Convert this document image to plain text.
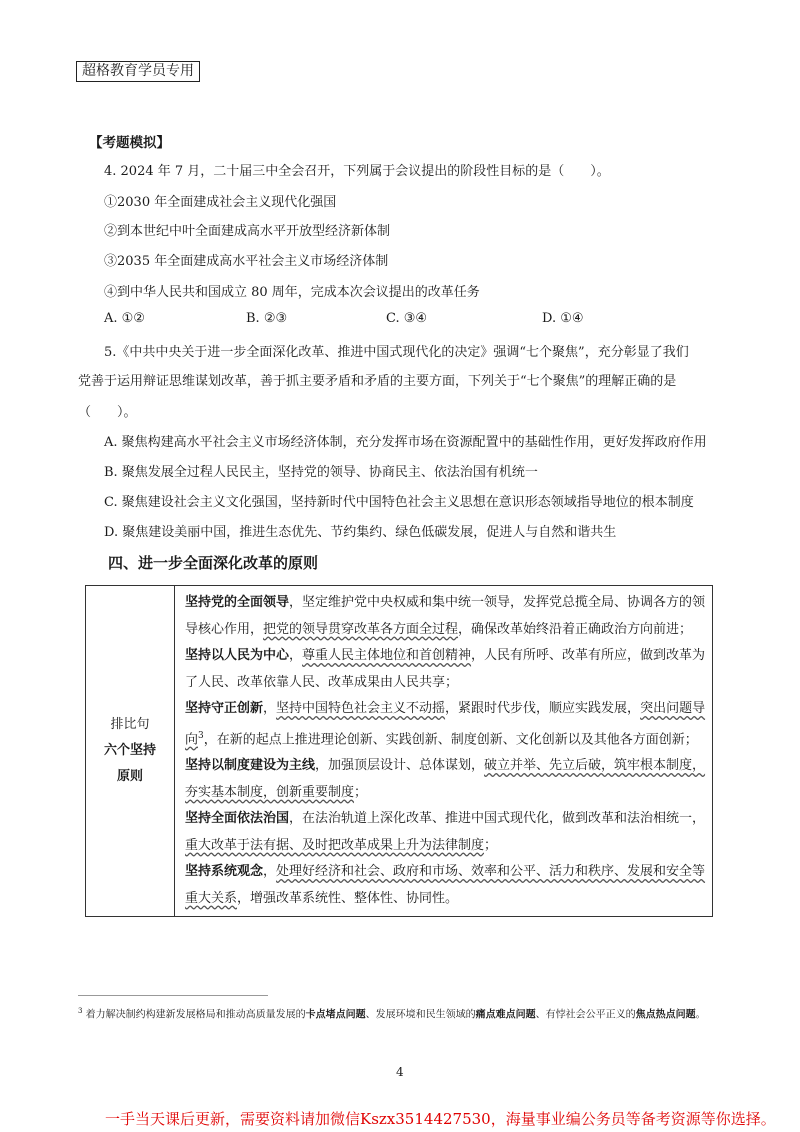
超格教育学员专用
【考题模拟】
4. 2024 年 7 月，二十届三中全会召开，下列属于会议提出的阶段性目标的是（　　）。
①2030 年全面建成社会主义现代化强国
②到本世纪中叶全面建成高水平开放型经济新体制
③2035 年全面建成高水平社会主义市场经济体制
④到中华人民共和国成立 80 周年，完成本次会议提出的改革任务
A. ①②	B. ②③	C. ③④	D. ①④
5.《中共中央关于进一步全面深化改革、推进中国式现代化的决定》强调“七个聚焦”，充分彰显了我们
党善于运用辩证思维谋划改革，善于抓主要矛盾和矛盾的主要方面，下列关于“七个聚焦”的理解正确的是
（　　）。
A. 聚焦构建高水平社会主义市场经济体制，充分发挥市场在资源配置中的基础性作用，更好发挥政府作用
B. 聚焦发展全过程人民民主，坚持党的领导、协商民主、依法治国有机统一
C. 聚焦建设社会主义文化强国，坚持新时代中国特色社会主义思想在意识形态领域指导地位的根本制度
D. 聚焦建设美丽中国，推进生态优先、节约集约、绿色低碳发展，促进人与自然和谐共生
四、进一步全面深化改革的原则
排比句
六个坚持
原则

坚持党的全面领导，坚定维护党中央权威和集中统一领导，发挥党总揽全局、协调各方的领导核心作用，把党的领导贯穿改革各方面全过程，确保改革始终沿着正确政治方向前进；
坚持以人民为中心，尊重人民主体地位和首创精神，人民有所呼、改革有所应，做到改革为了人民、改革依靠人民、改革成果由人民共享；
坚持守正创新，坚持中国特色社会主义不动摇，紧跟时代步伐，顺应实践发展，突出问题导向$^3$，在新的起点上推进理论创新、实践创新、制度创新、文化创新以及其他各方面创新；
坚持以制度建设为主线，加强顶层设计、总体谋划，破立并举、先立后破，筑牢根本制度，夯实基本制度，创新重要制度；
坚持全面依法治国，在法治轨道上深化改革、推进中国式现代化，做到改革和法治相统一，重大改革于法有据、及时把改革成果上升为法律制度；
坚持系统观念，处理好经济和社会、政府和市场、效率和公平、活力和秩序、发展和安全等重大关系，增强改革系统性、整体性、协同性。
$^3$ 着力解决制约构建新发展格局和推动高质量发展的卡点堵点问题、发展环境和民生领域的痛点难点问题、有悖社会公平正义的焦点热点问题。
4
一手当天课后更新，需要资料请加微信Kszx3514427530，海量事业编公务员等备考资源等你选择。
